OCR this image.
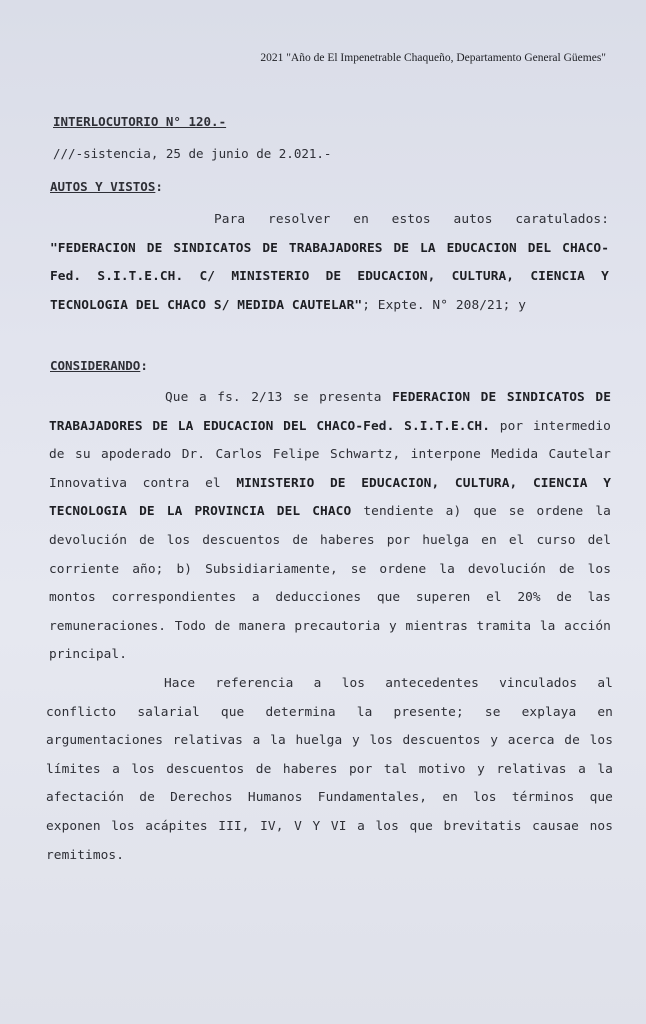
2021 "Año de El Impenetrable Chaqueño, Departamento General Güemes"
INTERLOCUTORIO N° 120.-
///-sistencia, 25 de junio de 2.021.-
AUTOS Y VISTOS:
Para resolver en estos autos caratulados: "FEDERACION DE SINDICATOS DE TRABAJADORES DE LA EDUCACION DEL CHACO-Fed. S.I.T.E.CH. C/ MINISTERIO DE EDUCACION, CULTURA, CIENCIA Y TECNOLOGIA DEL CHACO S/ MEDIDA CAUTELAR"; Expte. N° 208/21; y
CONSIDERANDO:
Que a fs. 2/13 se presenta FEDERACION DE SINDICATOS DE TRABAJADORES DE LA EDUCACION DEL CHACO-Fed. S.I.T.E.CH. por intermedio de su apoderado Dr. Carlos Felipe Schwartz, interpone Medida Cautelar Innovativa contra el MINISTERIO DE EDUCACION, CULTURA, CIENCIA Y TECNOLOGIA DE LA PROVINCIA DEL CHACO tendiente a) que se ordene la devolución de los descuentos de haberes por huelga en el curso del corriente año; b) Subsidiariamente, se ordene la devolución de los montos correspondientes a deducciones que superen el 20% de las remuneraciones. Todo de manera precautoria y mientras tramita la acción principal.
Hace referencia a los antecedentes vinculados al conflicto salarial que determina la presente; se explaya en argumentaciones relativas a la huelga y los descuentos y acerca de los límites a los descuentos de haberes por tal motivo y relativas a la afectación de Derechos Humanos Fundamentales, en los términos que exponen los acápites III, IV, V Y VI a los que brevitatis causae nos remitimos.
